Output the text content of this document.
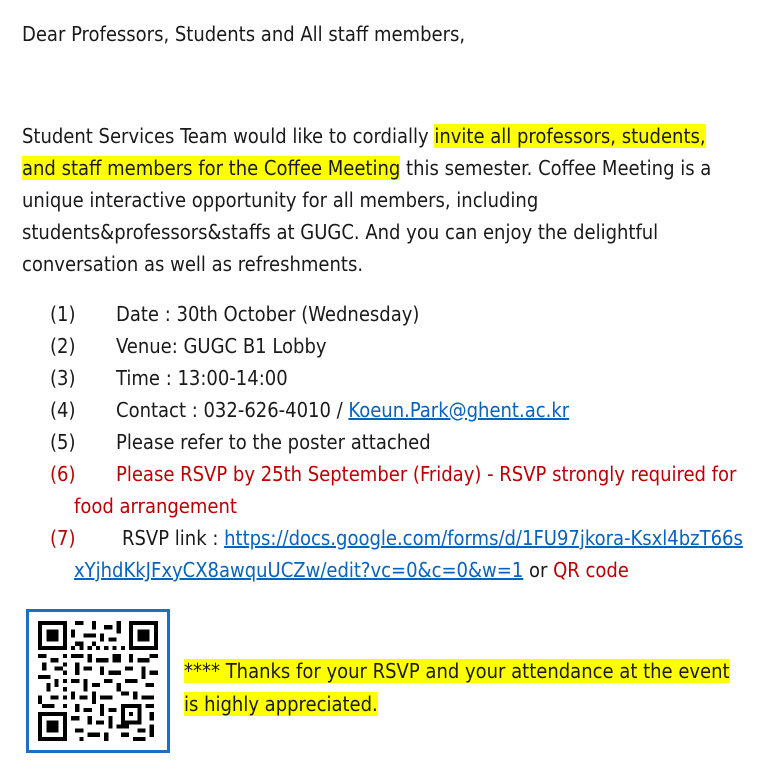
Dear Professors, Students and All staff members,
Student Services Team would like to cordially invite all professors, students, and staff members for the Coffee Meeting this semester. Coffee Meeting is a unique interactive opportunity for all members, including students&professors&staffs at GUGC. And you can enjoy the delightful conversation as well as refreshments.
(1) Date : 30th October (Wednesday)
(2) Venue: GUGC B1 Lobby
(3) Time : 13:00-14:00
(4) Contact : 032-626-4010 / Koeun.Park@ghent.ac.kr
(5) Please refer to the poster attached
(6) Please RSVP by 25th September (Friday) - RSVP strongly required for food arrangement
(7) RSVP link : https://docs.google.com/forms/d/1FU97jkora-Ksxl4bzT66sxYjhdKkJFxyCX8awquUCZw/edit?vc=0&c=0&w=1 or QR code
**** Thanks for your RSVP and your attendance at the event is highly appreciated.
